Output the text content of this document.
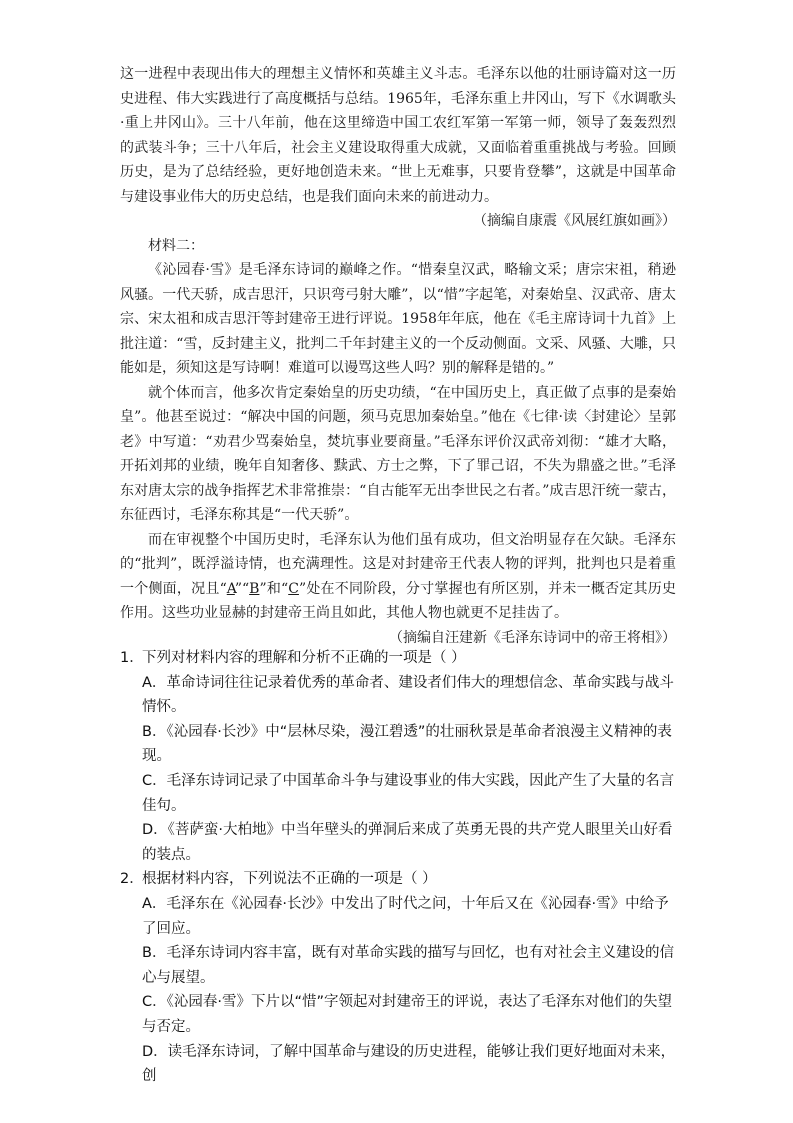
这一进程中表现出伟大的理想主义情怀和英雄主义斗志。毛泽东以他的壮丽诗篇对这一历史进程、伟大实践进行了高度概括与总结。1965年，毛泽东重上井冈山，写下《水调歌头·重上井冈山》。三十八年前，他在这里缔造中国工农红军第一军第一师，领导了轰轰烈烈的武装斗争；三十八年后，社会主义建设取得重大成就，又面临着重重挑战与考验。回顾历史，是为了总结经验，更好地创造未来。“世上无难事，只要肯登攀”，这就是中国革命与建设事业伟大的历史总结，也是我们面向未来的前进动力。

（摘编自康震《风展红旗如画》）

材料二：

《沁园春·雪》是毛泽东诗词的巅峰之作。“惜秦皇汉武，略输文采；唐宗宋祖，稍逊风骚。一代天骄，成吉思汗，只识弯弓射大雕”，以“惜”字起笔，对秦始皇、汉武帝、唐太宗、宋太祖和成吉思汗等封建帝王进行评说。1958年年底，他在《毛主席诗词十九首》上批注道：“雪，反封建主义，批判二千年封建主义的一个反动侧面。文采、风骚、大雕，只能如是，须知这是写诗啊！难道可以谩骂这些人吗？别的解释是错的。”

就个体而言，他多次肯定秦始皇的历史功绩，“在中国历史上，真正做了点事的是秦始皇”。他甚至说过：“解决中国的问题，须马克思加秦始皇。”他在《七律·读〈封建论〉呈郭老》中写道：“劝君少骂秦始皇，焚坑事业要商量。”毛泽东评价汉武帝刘彻：“雄才大略，开拓刘邦的业绩，晚年自知奢侈、黩武、方士之弊，下了罪己诏，不失为鼎盛之世。”毛泽东对唐太宗的战争指挥艺术非常推崇：“自古能军无出李世民之右者。”成吉思汗统一蒙古，东征西讨，毛泽东称其是“一代天骄”。

而在审视整个中国历史时，毛泽东认为他们虽有成功，但文治明显存在欠缺。毛泽东的“批判”，既浮溢诗情，也充满理性。这是对封建帝王代表人物的评判，批判也只是着重一个侧面，况且“A”“B”和“C”处在不同阶段，分寸掌握也有所区别，并未一概否定其历史作用。这些功业显赫的封建帝王尚且如此，其他人物也就更不足挂齿了。

（摘编自汪建新《毛泽东诗词中的帝王将相》）

1．下列对材料内容的理解和分析不正确的一项是（ ）

A．革命诗词往往记录着优秀的革命者、建设者们伟大的理想信念、革命实践与战斗情怀。

B．《沁园春·长沙》中“层林尽染，漫江碧透”的壮丽秋景是革命者浪漫主义精神的表现。

C．毛泽东诗词记录了中国革命斗争与建设事业的伟大实践，因此产生了大量的名言佳句。

D．《菩萨蛮·大柏地》中当年壁头的弹洞后来成了英勇无畏的共产党人眼里关山好看的装点。

2．根据材料内容，下列说法不正确的一项是（ ）

A．毛泽东在《沁园春·长沙》中发出了时代之问，十年后又在《沁园春·雪》中给予了回应。

B．毛泽东诗词内容丰富，既有对革命实践的描写与回忆，也有对社会主义建设的信心与展望。

C．《沁园春·雪》下片以“惜”字领起对封建帝王的评说，表达了毛泽东对他们的失望与否定。

D．读毛泽东诗词，了解中国革命与建设的历史进程，能够让我们更好地面对未来，创
